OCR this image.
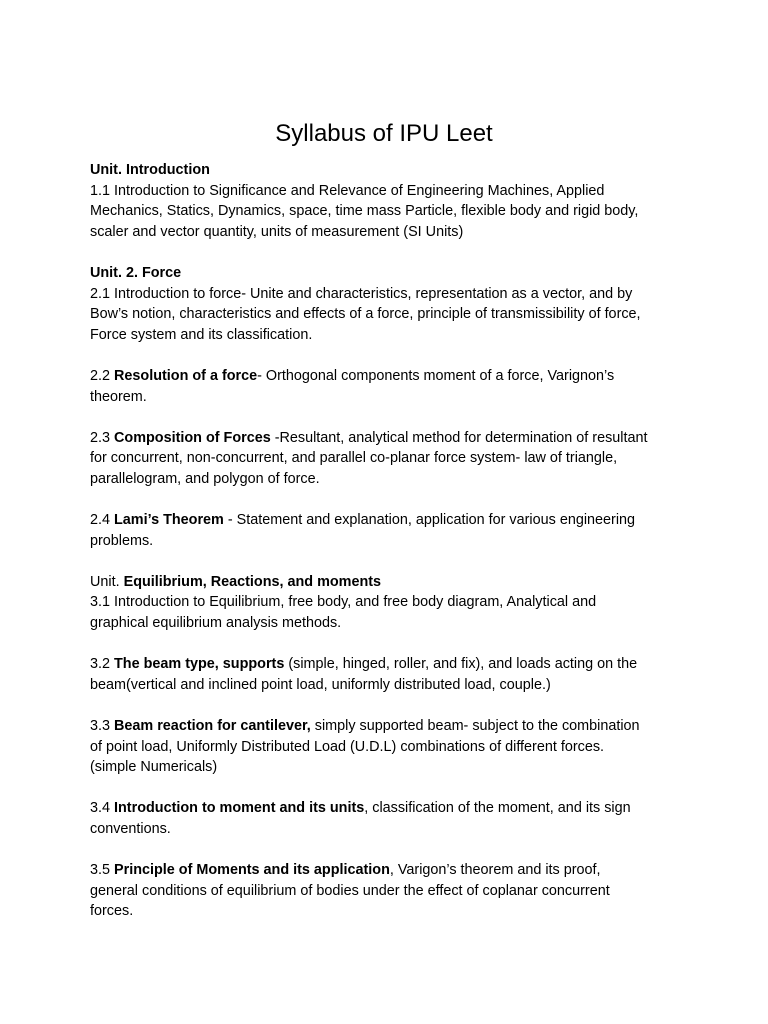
Syllabus of IPU Leet
Unit. Introduction
1.1 Introduction to Significance and Relevance of Engineering Machines, Applied
Mechanics, Statics, Dynamics, space, time mass Particle, flexible body and rigid body,
scaler and vector quantity, units of measurement (SI Units)
Unit. 2. Force
2.1 Introduction to force- Unite and characteristics, representation as a vector, and by
Bow’s notion, characteristics and effects of a force, principle of transmissibility of force,
Force system and its classification.
2.2 Resolution of a force- Orthogonal components moment of a force, Varignon’s
theorem.
2.3 Composition of Forces -Resultant, analytical method for determination of resultant
for concurrent, non-concurrent, and parallel co-planar force system- law of triangle,
parallelogram, and polygon of force.
2.4 Lami’s Theorem - Statement and explanation, application for various engineering
problems.
Unit. Equilibrium, Reactions, and moments
3.1 Introduction to Equilibrium, free body, and free body diagram, Analytical and
graphical equilibrium analysis methods.
3.2 The beam type, supports (simple, hinged, roller, and fix), and loads acting on the
beam(vertical and inclined point load, uniformly distributed load, couple.)
3.3 Beam reaction for cantilever, simply supported beam- subject to the combination
of point load, Uniformly Distributed Load (U.D.L) combinations of different forces.
(simple Numericals)
3.4 Introduction to moment and its units, classification of the moment, and its sign
conventions.
3.5 Principle of Moments and its application, Varigon’s theorem and its proof,
general conditions of equilibrium of bodies under the effect of coplanar concurrent
forces.
